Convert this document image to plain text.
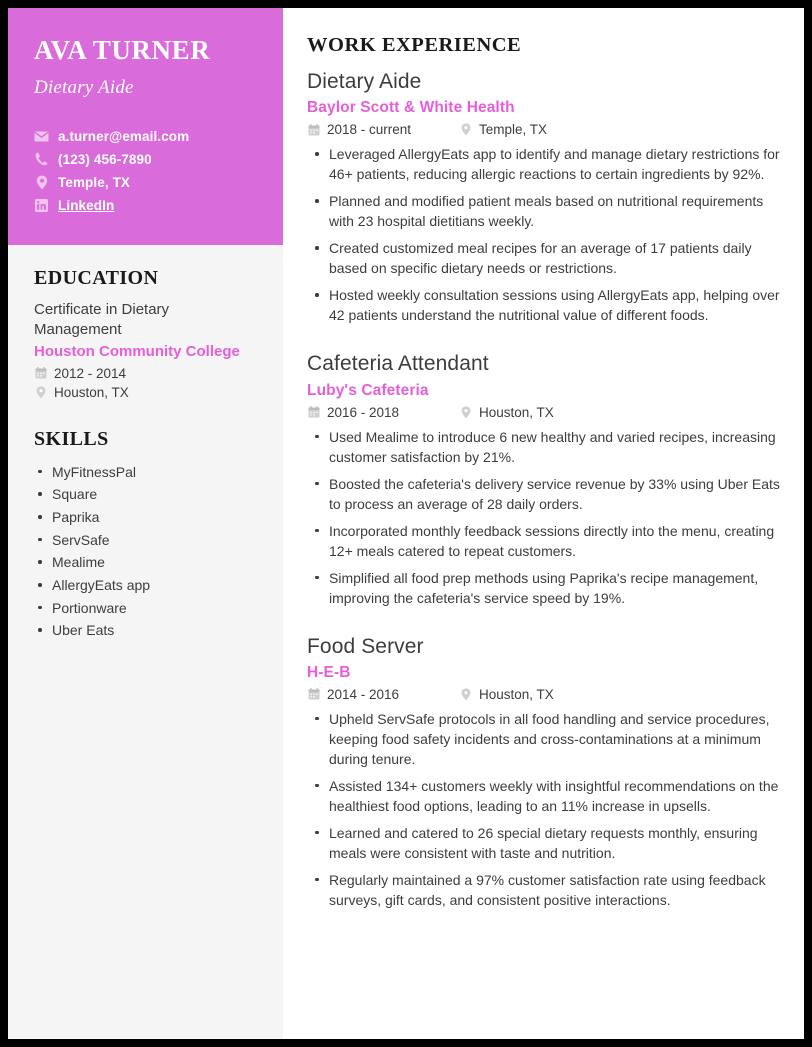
AVA TURNER
Dietary Aide
a.turner@email.com
(123) 456-7890
Temple, TX
LinkedIn
EDUCATION
Certificate in Dietary Management
Houston Community College
2012 - 2014
Houston, TX
SKILLS
MyFitnessPal
Square
Paprika
ServSafe
Mealime
AllergyEats app
Portionware
Uber Eats
WORK EXPERIENCE
Dietary Aide
Baylor Scott & White Health
2018 - current	Temple, TX
Leveraged AllergyEats app to identify and manage dietary restrictions for 46+ patients, reducing allergic reactions to certain ingredients by 92%.
Planned and modified patient meals based on nutritional requirements with 23 hospital dietitians weekly.
Created customized meal recipes for an average of 17 patients daily based on specific dietary needs or restrictions.
Hosted weekly consultation sessions using AllergyEats app, helping over 42 patients understand the nutritional value of different foods.
Cafeteria Attendant
Luby's Cafeteria
2016 - 2018	Houston, TX
Used Mealime to introduce 6 new healthy and varied recipes, increasing customer satisfaction by 21%.
Boosted the cafeteria's delivery service revenue by 33% using Uber Eats to process an average of 28 daily orders.
Incorporated monthly feedback sessions directly into the menu, creating 12+ meals catered to repeat customers.
Simplified all food prep methods using Paprika's recipe management, improving the cafeteria's service speed by 19%.
Food Server
H-E-B
2014 - 2016	Houston, TX
Upheld ServSafe protocols in all food handling and service procedures, keeping food safety incidents and cross-contaminations at a minimum during tenure.
Assisted 134+ customers weekly with insightful recommendations on the healthiest food options, leading to an 11% increase in upsells.
Learned and catered to 26 special dietary requests monthly, ensuring meals were consistent with taste and nutrition.
Regularly maintained a 97% customer satisfaction rate using feedback surveys, gift cards, and consistent positive interactions.
